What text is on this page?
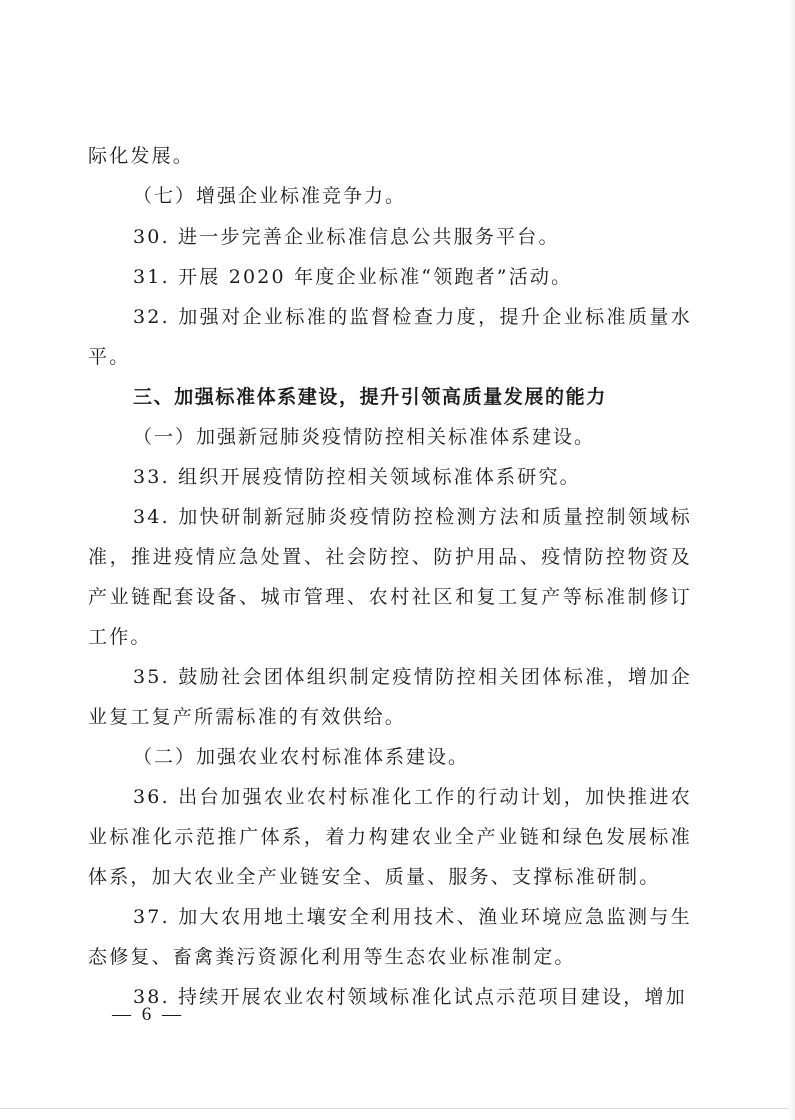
际化发展。

（七）增强企业标准竞争力。

30. 进一步完善企业标准信息公共服务平台。

31. 开展 2020 年度企业标准“领跑者”活动。

32. 加强对企业标准的监督检查力度，提升企业标准质量水平。

三、加强标准体系建设，提升引领高质量发展的能力

（一）加强新冠肺炎疫情防控相关标准体系建设。

33. 组织开展疫情防控相关领域标准体系研究。

34. 加快研制新冠肺炎疫情防控检测方法和质量控制领域标准，推进疫情应急处置、社会防控、防护用品、疫情防控物资及产业链配套设备、城市管理、农村社区和复工复产等标准制修订工作。

35. 鼓励社会团体组织制定疫情防控相关团体标准，增加企业复工复产所需标准的有效供给。

（二）加强农业农村标准体系建设。

36. 出台加强农业农村标准化工作的行动计划，加快推进农业标准化示范推广体系，着力构建农业全产业链和绿色发展标准体系，加大农业全产业链安全、质量、服务、支撑标准研制。

37. 加大农用地土壤安全利用技术、渔业环境应急监测与生态修复、畜禽粪污资源化利用等生态农业标准制定。

38. 持续开展农业农村领域标准化试点示范项目建设，增加

— 6 —
